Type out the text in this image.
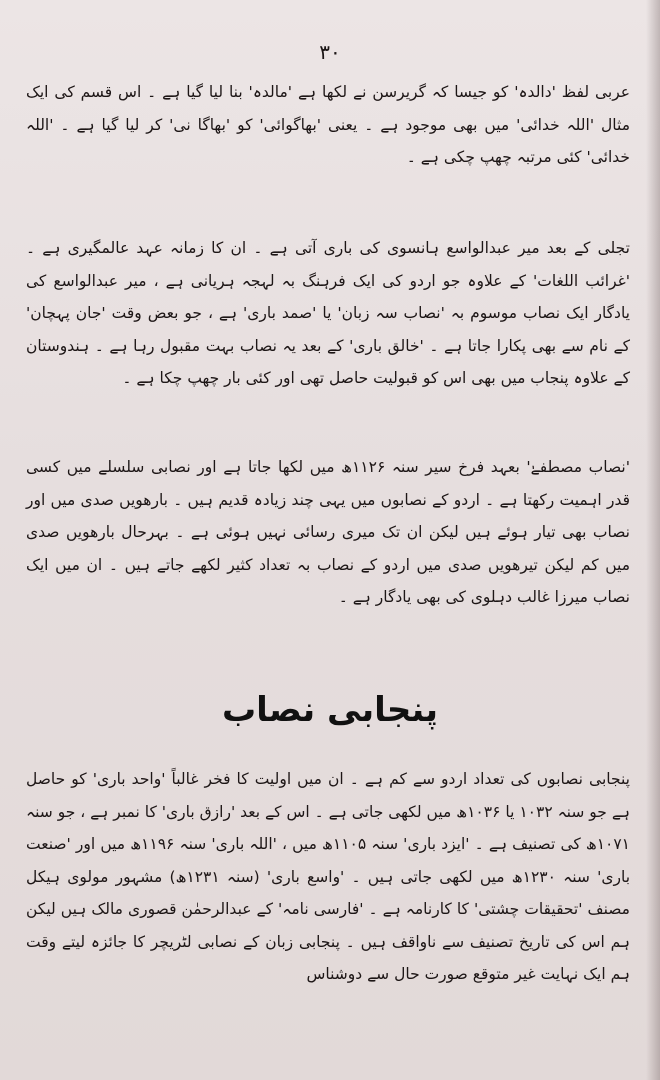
۳۰

عربی لفظ 'دالدہ' کو جیسا کہ گریرسن نے لکھا ہے 'مالدہ' بنا لیا گیا ہے ۔ اس قسم کی ایک مثال 'اللہ خدائی' میں بھی موجود ہے ۔ یعنی 'بھاگوائی' کو 'بھاگا نی' کر لیا گیا ہے ۔ 'اللہ خدائی' کئی مرتبہ چھپ چکی ہے ۔

تجلی کے بعد میر عبدالواسع ہانسوی کی باری آتی ہے ۔ ان کا زمانہ عہد عالمگیری ہے ۔ 'غرائب اللغات' کے علاوہ جو اردو کی ایک فرہنگ بہ لہجہ ہریانی ہے ، میر عبدالواسع کی یادگار ایک نصاب موسوم بہ 'نصاب سہ زبان' یا 'صمد باری' ہے ، جو بعض وقت 'جان پہچان' کے نام سے بھی پکارا جاتا ہے ۔ 'خالق باری' کے بعد یہ نصاب بہت مقبول رہا ہے ۔ ہندوستان کے علاوہ پنجاب میں بھی اس کو قبولیت حاصل تھی اور کئی بار چھپ چکا ہے ۔

'نصاب مصطفےٰ' بعہد فرخ سیر سنہ ۱۱۲۶ھ میں لکھا جاتا ہے اور نصابی سلسلے میں کسی قدر اہمیت رکھتا ہے ۔ اردو کے نصابوں میں یہی چند زیادہ قدیم ہیں ۔ بارھویں صدی میں اور نصاب بھی تیار ہوئے ہیں لیکن ان تک میری رسائی نہیں ہوئی ہے ۔ بہرحال بارھویں صدی میں کم لیکن تیرھویں صدی میں اردو کے نصاب بہ تعداد کثیر لکھے جاتے ہیں ۔ ان میں ایک نصاب میرزا غالب دہلوی کی بھی یادگار ہے ۔

پنجابی نصاب

پنجابی نصابوں کی تعداد اردو سے کم ہے ۔ ان میں اولیت کا فخر غالباً 'واحد باری' کو حاصل ہے جو سنہ ۱۰۳۲ یا ۱۰۳۶ھ میں لکھی جاتی ہے ۔ اس کے بعد 'رازق باری' کا نمبر ہے ، جو سنہ ۱۰۷۱ھ کی تصنیف ہے ۔ 'ایزد باری' سنہ ۱۱۰۵ھ میں ، 'اللہ باری' سنہ ۱۱۹۶ھ میں اور 'صنعت باری' سنہ ۱۲۳۰ھ میں لکھی جاتی ہیں ۔ 'واسع باری' (سنہ ۱۲۳۱ھ) مشہور مولوی ہیکل مصنف 'تحقیقات چشتی' کا کارنامہ ہے ۔ 'فارسی نامہ' کے عبدالرحمٰن قصوری مالک ہیں لیکن ہم اس کی تاریخ تصنیف سے ناواقف ہیں ۔ پنجابی زبان کے نصابی لٹریچر کا جائزہ لیتے وقت ہم ایک نہایت غیر متوقع صورت حال سے دوشناس
